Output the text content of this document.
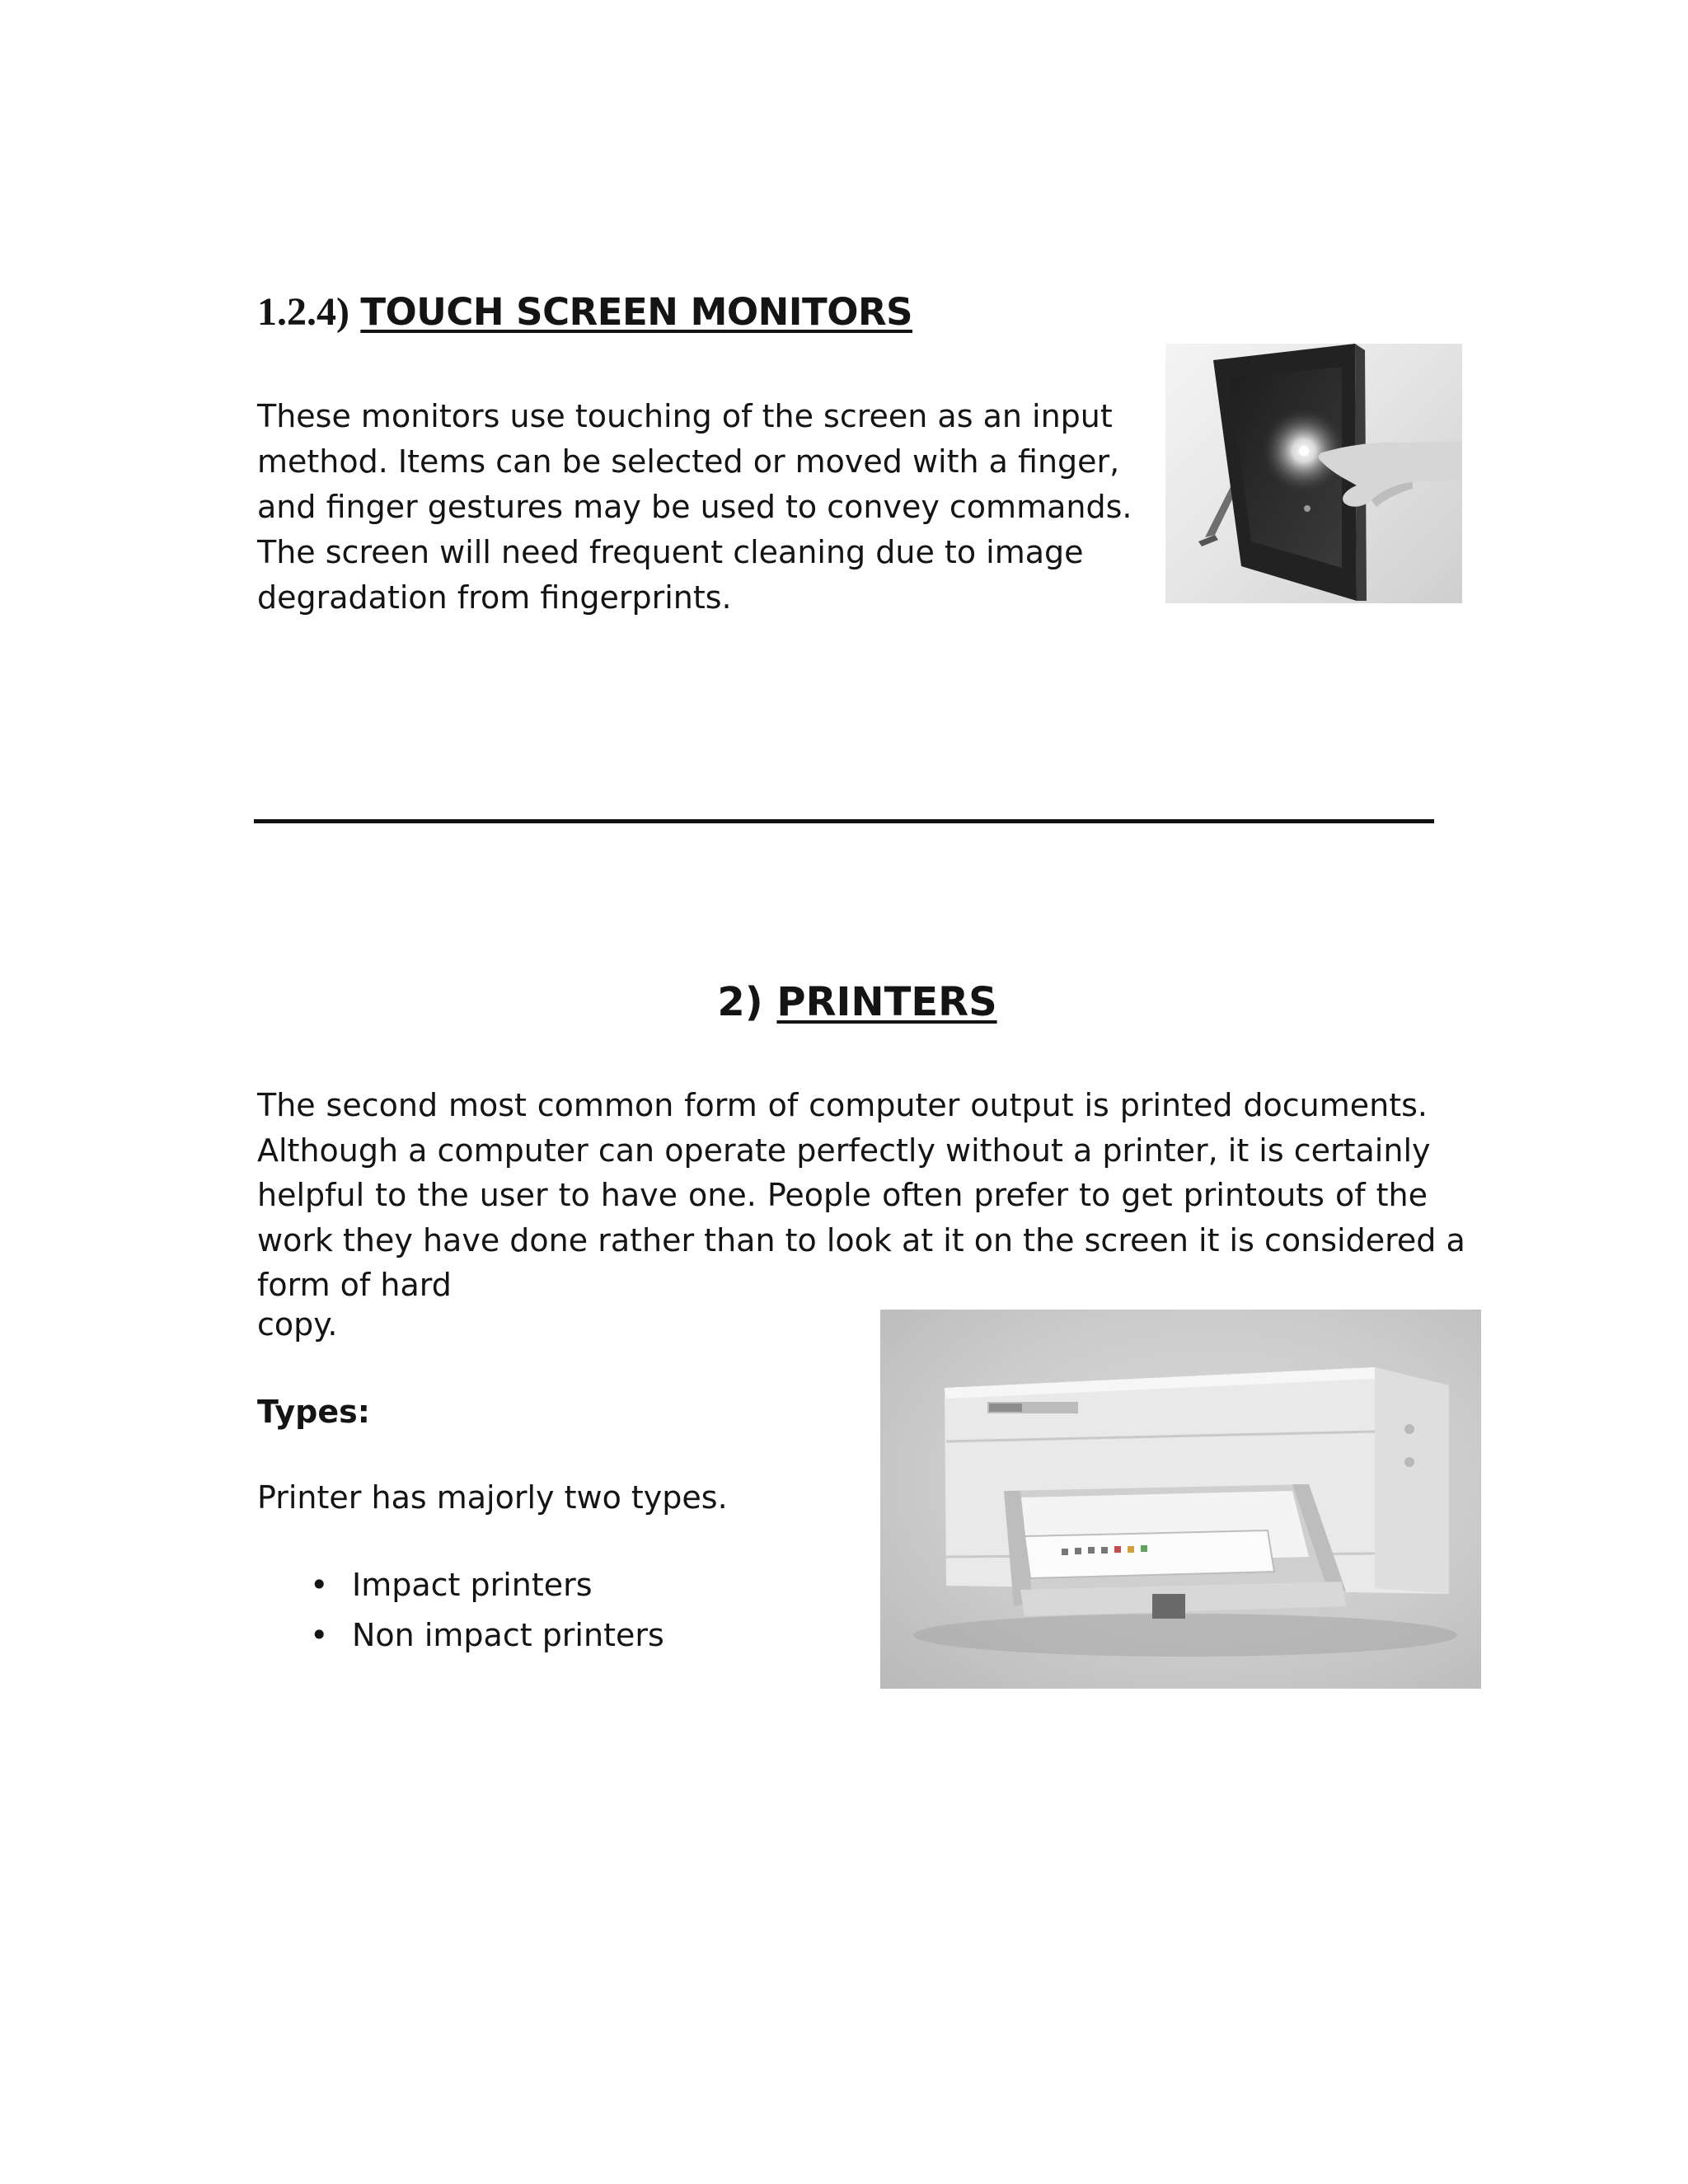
1.2.4) TOUCH SCREEN MONITORS
These monitors use touching of the screen as an input
method. Items can be selected or moved with a finger,
and finger gestures may be used to convey commands.
The screen will need frequent cleaning due to image
degradation from fingerprints.
2) PRINTERS
The second most common form of computer output is printed documents.
Although a computer can operate perfectly without a printer, it is certainly
helpful to the user to have one. People often prefer to get printouts of the
work they have done rather than to look at it on the screen it is considered a
form of hard
copy.
Types:
Printer has majorly two types.
• Impact printers
• Non impact printers
